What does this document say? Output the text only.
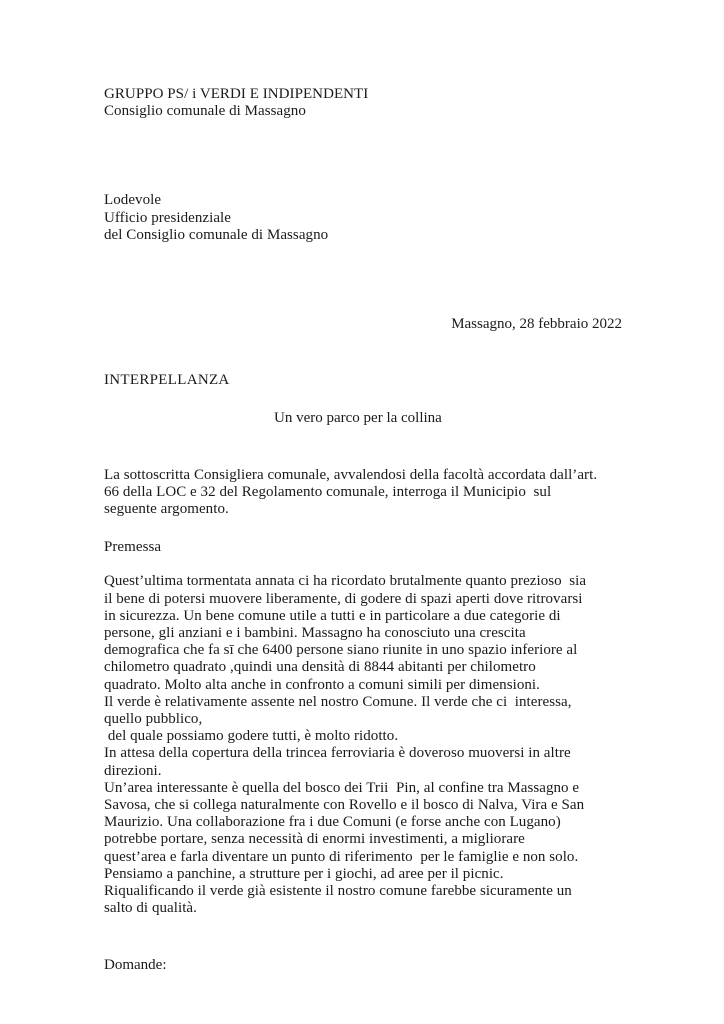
GRUPPO PS/ i VERDI E INDIPENDENTI
Consiglio comunale di Massagno
Lodevole
Ufficio presidenziale
del Consiglio comunale di Massagno
Massagno, 28 febbraio 2022
INTERPELLANZA
Un vero parco per la collina
La sottoscritta Consigliera comunale, avvalendosi della facoltà accordata dall’art.
66 della LOC e 32 del Regolamento comunale, interroga il Municipio  sul
seguente argomento.
Premessa
Quest’ultima tormentata annata ci ha ricordato brutalmente quanto prezioso  sia
il bene di potersi muovere liberamente, di godere di spazi aperti dove ritrovarsi
in sicurezza. Un bene comune utile a tutti e in particolare a due categorie di
persone, gli anziani e i bambini. Massagno ha conosciuto una crescita
demografica che fa sī che 6400 persone siano riunite in uno spazio inferiore al
chilometro quadrato ,quindi una densità di 8844 abitanti per chilometro
quadrato. Molto alta anche in confronto a comuni simili per dimensioni.
Il verde è relativamente assente nel nostro Comune. Il verde che ci  interessa,
quello pubblico,
del quale possiamo godere tutti, è molto ridotto.
In attesa della copertura della trincea ferroviaria è doveroso muoversi in altre
direzioni.
Un’area interessante è quella del bosco dei Trii  Pin, al confine tra Massagno e
Savosa, che si collega naturalmente con Rovello e il bosco di Nalva, Vira e San
Maurizio. Una collaborazione fra i due Comuni (e forse anche con Lugano)
potrebbe portare, senza necessità di enormi investimenti, a migliorare
quest’area e farla diventare un punto di riferimento  per le famiglie e non solo.
Pensiamo a panchine, a strutture per i giochi, ad aree per il picnic.
Riqualificando il verde già esistente il nostro comune farebbe sicuramente un
salto di qualità.
Domande:
